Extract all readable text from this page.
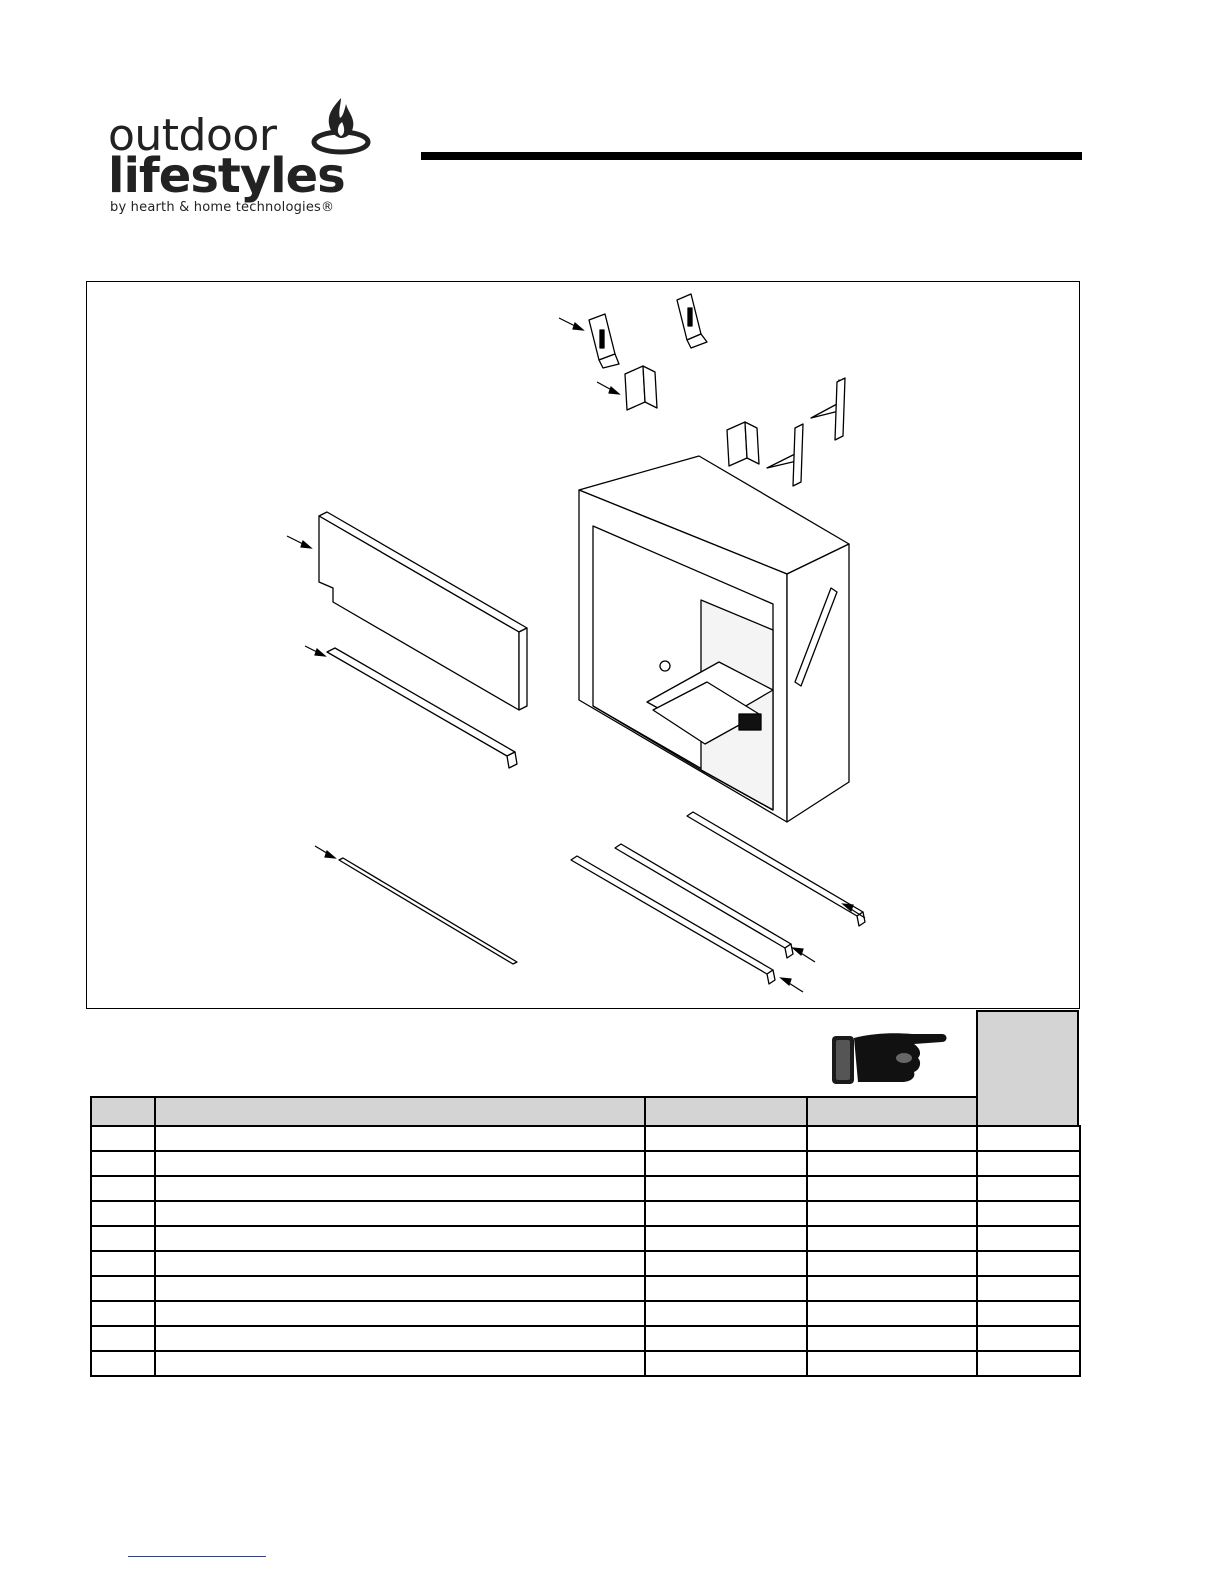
outdoor
lifestyles
by hearth & home technologies®
